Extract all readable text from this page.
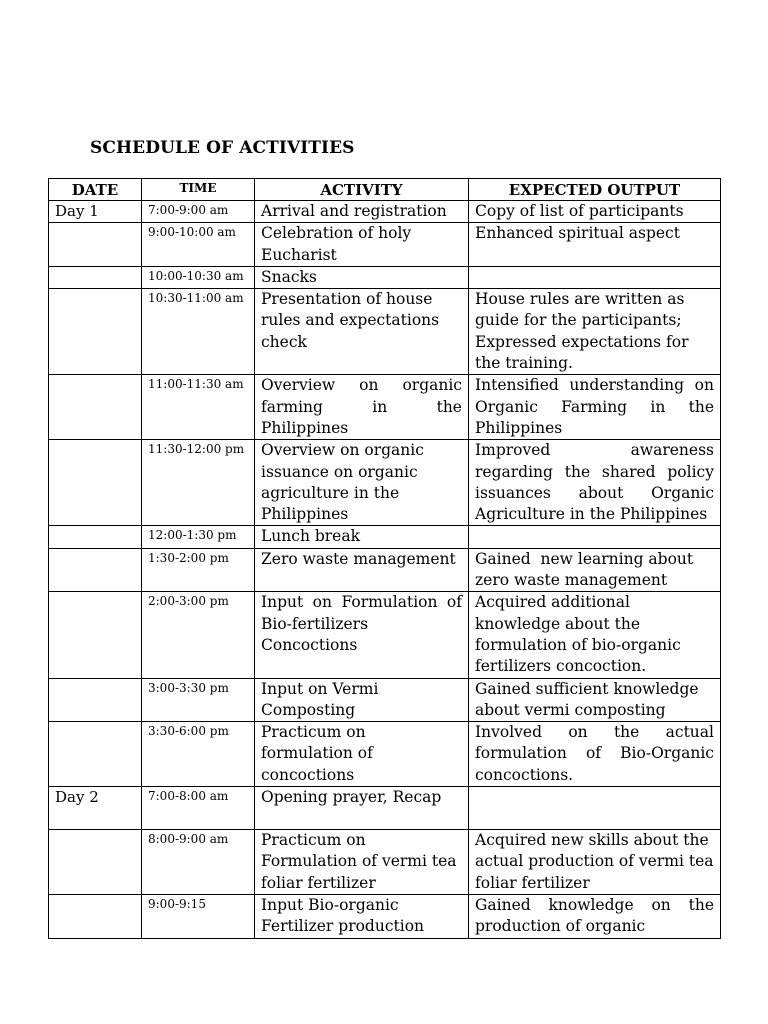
SCHEDULE OF ACTIVITIES
DATE	TIME	ACTIVITY	EXPECTED OUTPUT
Day 1	7:00-9:00 am	Arrival and registration	Copy of list of participants
	9:00-10:00 am	Celebration of holy Eucharist	Enhanced spiritual aspect
	10:00-10:30 am	Snacks	
	10:30-11:00 am	Presentation of house rules and expectations check	House rules are written as guide for the participants; Expressed expectations for the training.
	11:00-11:30 am	Overview on organic farming in the Philippines	Intensified understanding on Organic Farming in the Philippines
	11:30-12:00 pm	Overview on organic issuance on organic agriculture in the Philippines	Improved awareness regarding the shared policy issuances about Organic Agriculture in the Philippines
	12:00-1:30 pm	Lunch break	
	1:30-2:00 pm	Zero waste management	Gained  new learning about zero waste management
	2:00-3:00 pm	Input on Formulation of Bio-fertilizers Concoctions	Acquired additional knowledge about the formulation of bio-organic fertilizers concoction.
	3:00-3:30 pm	Input on Vermi Composting	Gained sufficient knowledge about vermi composting
	3:30-6:00 pm	Practicum on formulation of  concoctions	Involved on the actual formulation of Bio-Organic concoctions.
Day 2	7:00-8:00 am	Opening prayer, Recap	
	8:00-9:00 am	Practicum on Formulation of vermi tea foliar fertilizer	Acquired new skills about the actual production of vermi tea foliar fertilizer
	9:00-9:15	Input Bio-organic Fertilizer production	Gained knowledge on the production of organic
